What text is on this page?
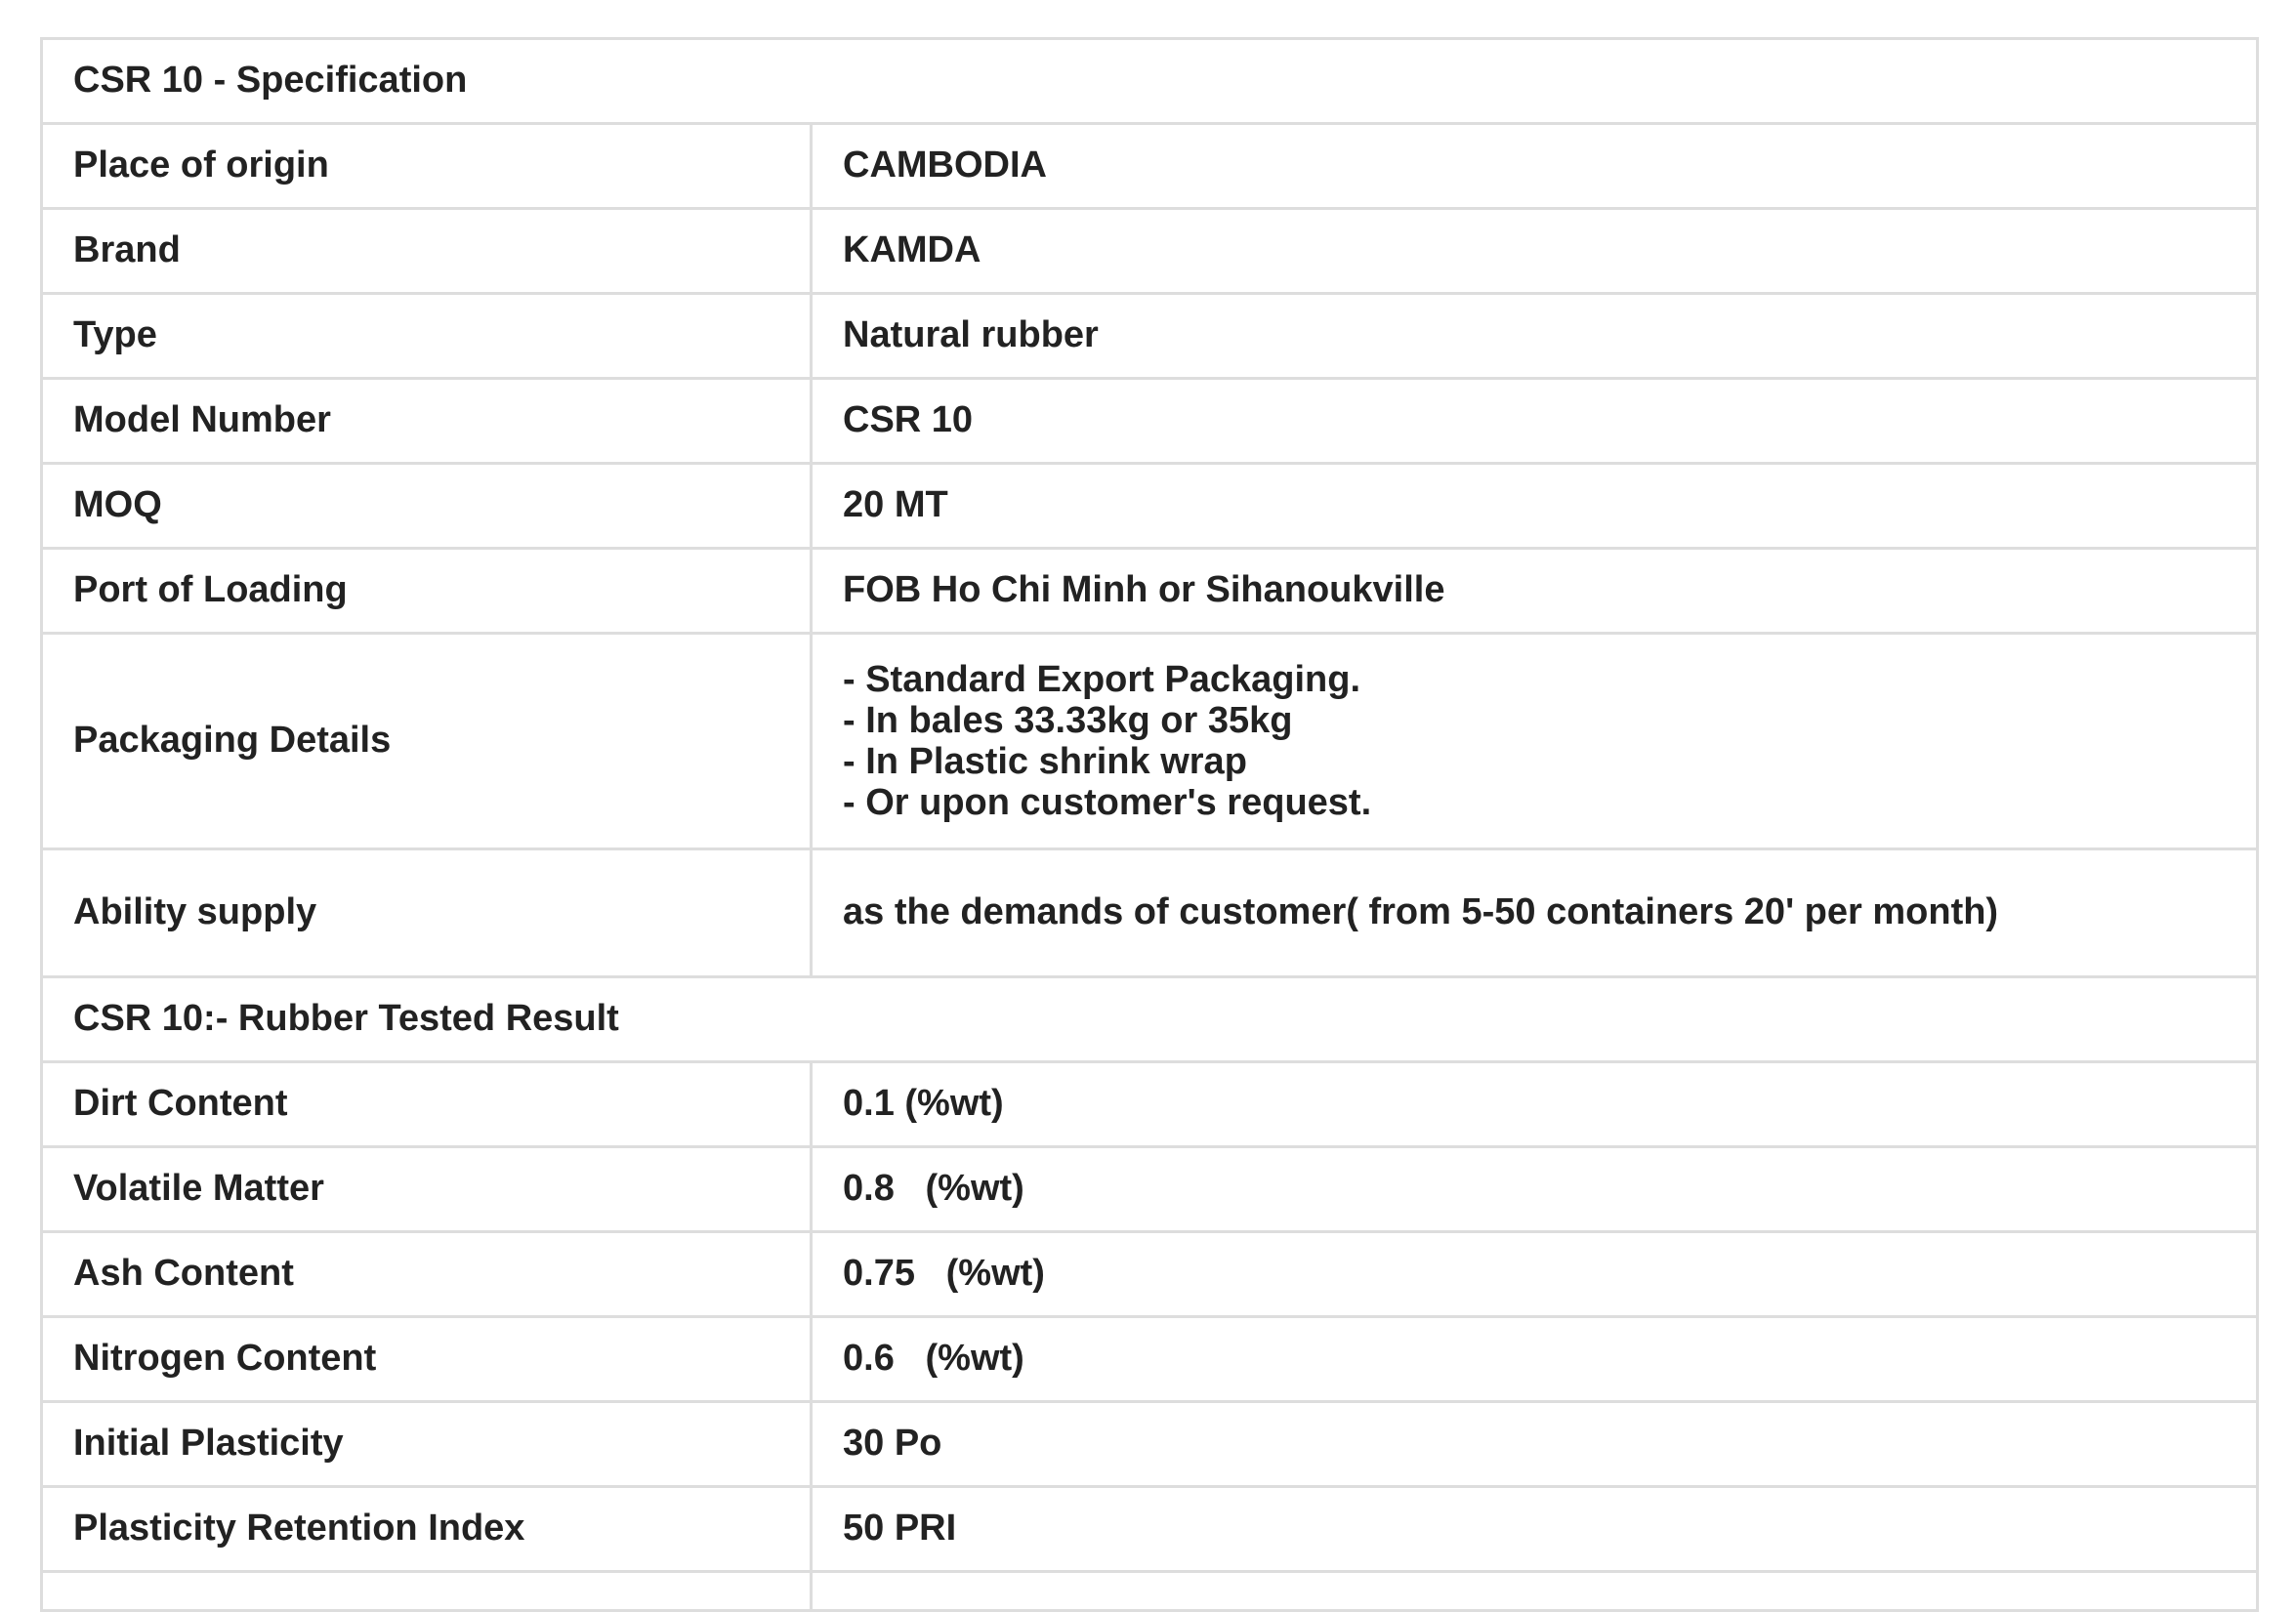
CSR 10 - Specification	
Place of origin	CAMBODIA
Brand	KAMDA
Type	Natural rubber
Model Number	CSR 10
MOQ	20 MT
Port of Loading	FOB Ho Chi Minh or Sihanoukville
Packaging Details	- Standard Export Packaging.
- In bales 33.33kg or 35kg
- In Plastic shrink wrap
- Or upon customer's request.
Ability supply	as the demands of customer( from 5-50 containers 20' per month)
CSR 10:- Rubber Tested Result	
Dirt Content	0.1 (%wt)
Volatile Matter	0.8   (%wt)
Ash Content	0.75   (%wt)
Nitrogen Content	0.6   (%wt)
Initial Plasticity	30 Po
Plasticity Retention Index	50 PRI
